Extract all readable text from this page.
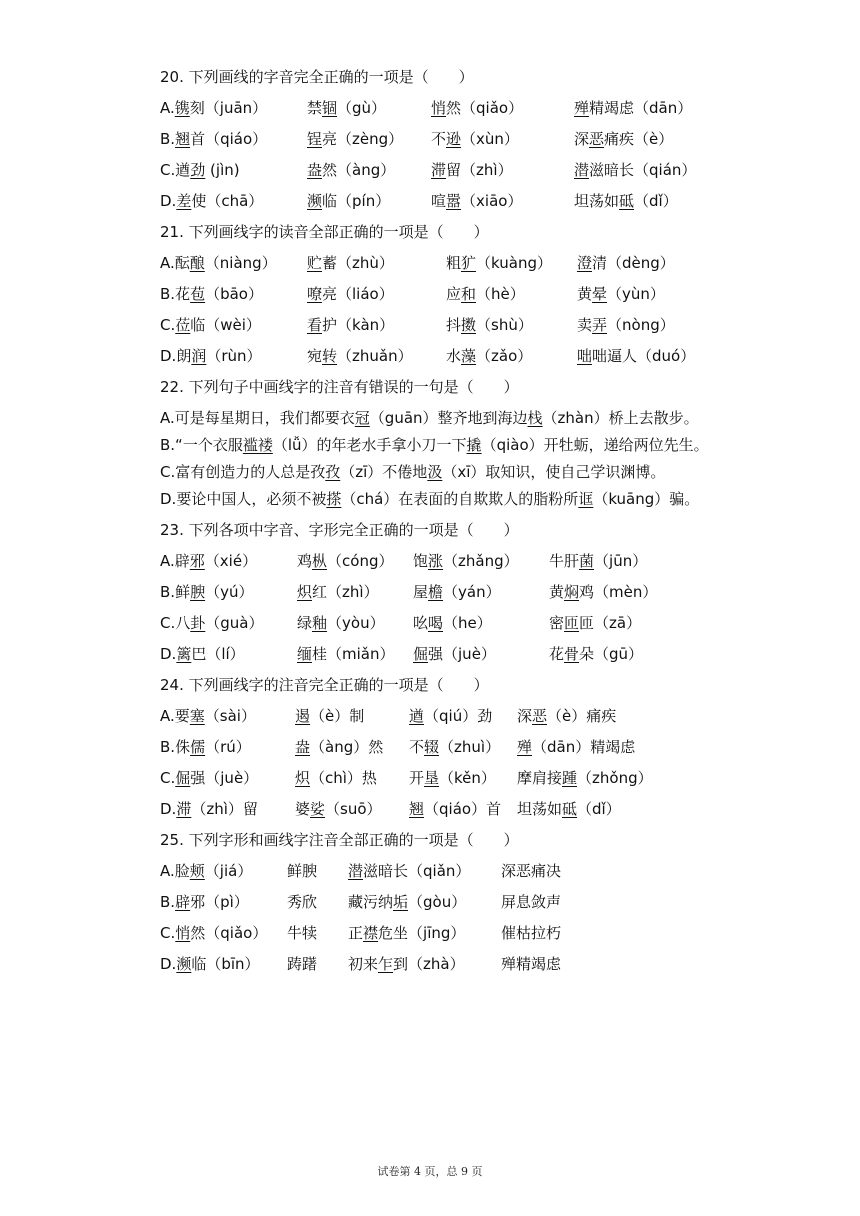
20. 下列画线的字音完全正确的一项是（　　）
A.镌刻（juān）	禁锢（gù）	悄然（qiǎo）	殚精竭虑（dān）
B.翘首（qiáo）	锃亮（zèng） 不逊（xùn）	深恶痛疾（è）
C.遒劲 (jìn)	盎然（àng） 滞留（zhì）	潜滋暗长（qián）
D.差使（chā）	濒临（pín）	喧嚣（xiāo）	坦荡如砥（dǐ）
21. 下列画线字的读音全部正确的一项是（　　）
A.酝酿（niàng） 贮蓄（zhù）	粗犷（kuàng） 澄清（dèng）
B.花苞（bāo）	嘹亮（liáo）	应和（hè）	黄晕（yùn）
C.莅临（wèi）	看护（kàn）	抖擞（shù）	卖弄（nòng）
D.朗润（rùn）	宛转（zhuǎn） 水藻（zǎo）	咄咄逼人（duó）
22. 下列句子中画线字的注音有错误的一句是（　　）
A.可是每星期日，我们都要衣冠（guān）整齐地到海边栈（zhàn）桥上去散步。
B.“一个衣服褴褛（lǚ）的年老水手拿小刀一下撬（qiào）开牡蛎，递给两位先生。
C.富有创造力的人总是孜孜（zī）不倦地汲（xī）取知识，使自己学识渊博。
D.要论中国人，必须不被搽（chá）在表面的自欺欺人的脂粉所诓（kuāng）骗。
23. 下列各项中字音、字形完全正确的一项是（　　）
A.辟邪（xié）	鸡枞（cóng） 饱涨（zhǎng） 牛肝菌（jūn）
B.鲜腴（yú）	炽红（zhì） 屋檐（yán）	黄焖鸡（mèn）
C.八卦（guà） 绿釉（yòu） 吆喝（he）	密匝匝（zā）
D.篱巴（lí）	缅桂（miǎn） 倔强（juè）	花骨朵（gū）
24. 下列画线字的注音完全正确的一项是（　　）
A.要塞（sài）	遏（è）制	遒（qiú）劲 深恶（è）痛疾
B.侏儒（rú）	盎（àng）然 不辍（zhuì） 殚（dān）精竭虑
C.倔强（juè） 炽（chì）热 开垦（kěn） 摩肩接踵（zhǒng）
D.滞（zhì）留 婆娑（suō） 翘（qiáo）首 坦荡如砥（dǐ）
25. 下列字形和画线字注音全部正确的一项是（　　）
A.脸颊（jiá） 鲜腴 潜滋暗长（qiǎn） 深恶痛决
B.辟邪（pì）	秀欣 藏污纳垢（gòu） 屏息敛声
C.悄然（qiǎo） 牛犊 正襟危坐（jīng） 催枯拉朽
D.濒临（bīn） 踌躇 初来乍到（zhà） 殚精竭虑
试卷第 4 页，总 9 页
